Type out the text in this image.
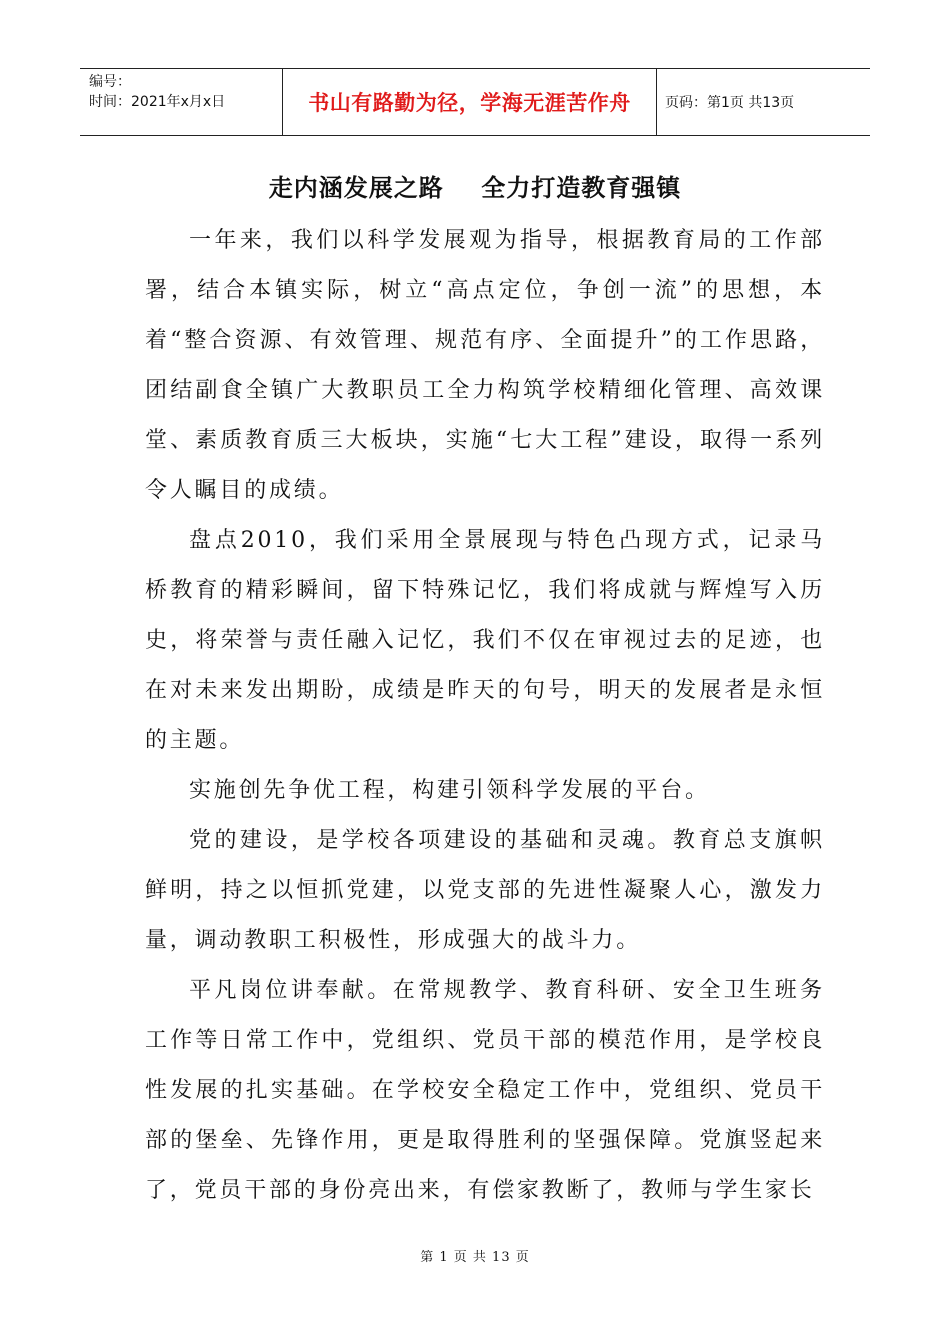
编号：
时间：2021年x月x日	书山有路勤为径，学海无涯苦作舟	页码：第1页 共13页
走内涵发展之路    全力打造教育强镇

一年来，我们以科学发展观为指导，根据教育局的工作部署，结合本镇实际，树立“高点定位，争创一流”的思想，本着“整合资源、有效管理、规范有序、全面提升”的工作思路，团结副食全镇广大教职员工全力构筑学校精细化管理、高效课堂、素质教育质三大板块，实施“七大工程”建设，取得一系列令人瞩目的成绩。

盘点2010，我们采用全景展现与特色凸现方式，记录马桥教育的精彩瞬间，留下特殊记忆，我们将成就与辉煌写入历史，将荣誉与责任融入记忆，我们不仅在审视过去的足迹，也在对未来发出期盼，成绩是昨天的句号，明天的发展者是永恒的主题。

实施创先争优工程，构建引领科学发展的平台。

党的建设，是学校各项建设的基础和灵魂。教育总支旗帜鲜明，持之以恒抓党建，以党支部的先进性凝聚人心，激发力量，调动教职工积极性，形成强大的战斗力。

平凡岗位讲奉献。在常规教学、教育科研、安全卫生班务工作等日常工作中，党组织、党员干部的模范作用，是学校良性发展的扎实基础。在学校安全稳定工作中，党组织、党员干部的堡垒、先锋作用，更是取得胜利的坚强保障。党旗竖起来了，党员干部的身份亮出来，有偿家教断了，教师与学生家长

第 1 页 共 13 页
